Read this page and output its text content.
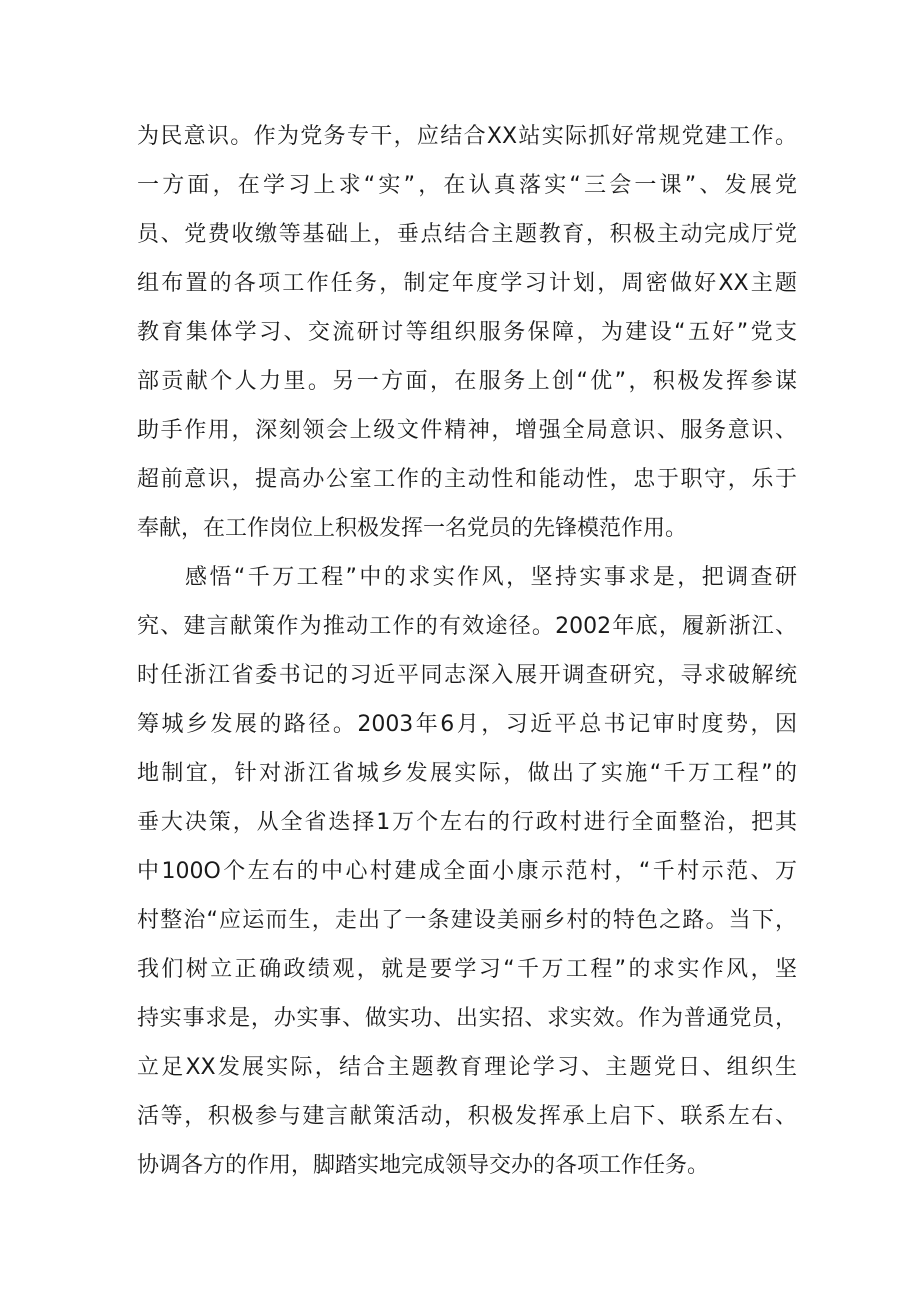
为民意识。作为党务专干，应结合XX站实际抓好常规党建工作。
一方面，在学习上求“实”，在认真落实“三会一课”、发展党
员、党费收缴等基础上，垂点结合主题教育，积极主动完成厅党
组布置的各项工作任务，制定年度学习计划，周密做好XX主题
教育集体学习、交流研讨等组织服务保障，为建设“五好”党支
部贡献个人力里。另一方面，在服务上创“优”，积极发挥参谋
助手作用，深刻领会上级文件精神，增强全局意识、服务意识、
超前意识，提高办公室工作的主动性和能动性，忠于职守，乐于
奉献，在工作岗位上积极发挥一名党员的先锋模范作用。
感悟“千万工程”中的求实作风，坚持实事求是，把调查研
究、建言献策作为推动工作的有效途径。2002年底，履新浙江、
时任浙江省委书记的习近平同志深入展开调查研究，寻求破解统
筹城乡发展的路径。2003年6月，习近平总书记审时度势，因
地制宜，针对浙江省城乡发展实际，做出了实施“千万工程”的
垂大决策，从全省迭择1万个左右的行政村进行全面整治，把其
中100O个左右的中心村建成全面小康示范村，“千村示范、万
村整治“应运而生，走出了一条建设美丽乡村的特色之路。当下，
我们树立正确政绩观，就是要学习“千万工程”的求实作风，坚
持实事求是，办实事、做实功、出实招、求实效。作为普通党员，
立足XX发展实际，结合主题教育理论学习、主题党日、组织生
活等，积极参与建言献策活动，积极发挥承上启下、联系左右、
协调各方的作用，脚踏实地完成领导交办的各项工作任务。
